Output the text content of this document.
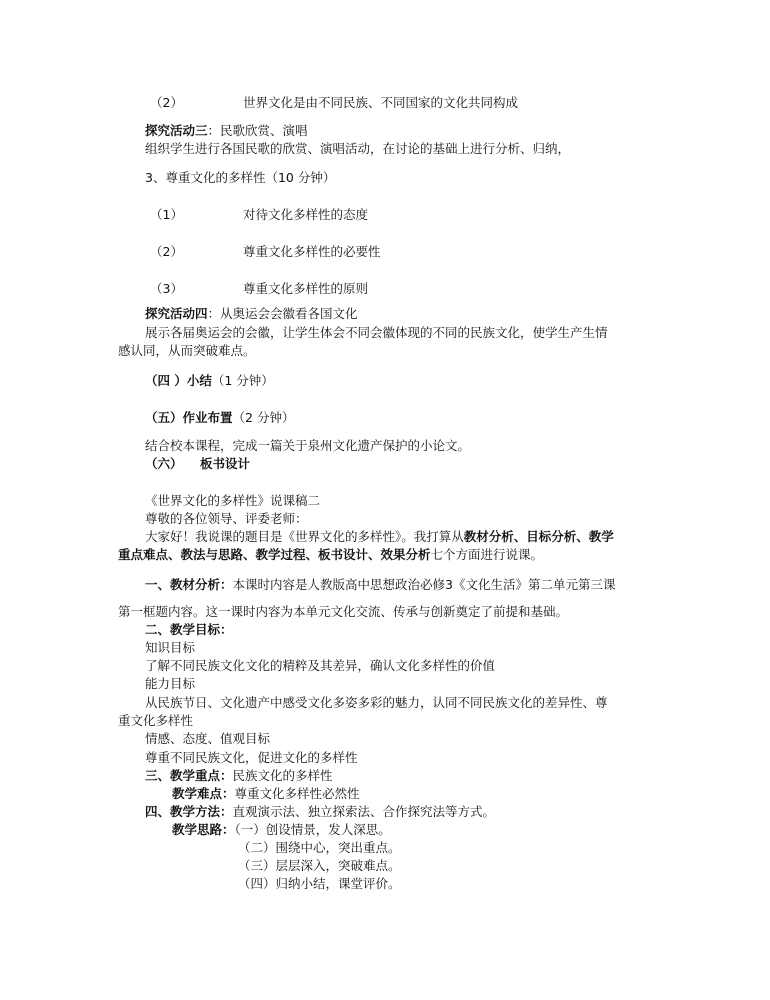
（2）	世界文化是由不同民族、不同国家的文化共同构成
探究活动三：民歌欣赏、演唱
组织学生进行各国民歌的欣赏、演唱活动，在讨论的基础上进行分析、归纳，
3、尊重文化的多样性（10 分钟）
（1）	对待文化多样性的态度
（2）	尊重文化多样性的必要性
（3）	尊重文化多样性的原则
探究活动四：从奥运会会徽看各国文化
展示各届奥运会的会徽，让学生体会不同会徽体现的不同的民族文化，使学生产生情
感认同，从而突破难点。
（四 ）小结（1 分钟）
（五）作业布置（2 分钟）
结合校本课程，完成一篇关于泉州文化遗产保护的小论文。
（六） 板书设计
《世界文化的多样性》说课稿二
尊敬的各位领导、评委老师：
大家好！我说课的题目是《世界文化的多样性》。我打算从教材分析、目标分析、教学
重点难点、教法与思路、教学过程、板书设计、效果分析七个方面进行说课。
一、教材分析：本课时内容是人教版高中思想政治必修3《文化生活》第二单元第三课
第一框题内容。这一课时内容为本单元文化交流、传承与创新奠定了前提和基础。
二、教学目标：
知识目标
了解不同民族文化文化的精粹及其差异，确认文化多样性的价值
能力目标
从民族节日、文化遗产中感受文化多姿多彩的魅力，认同不同民族文化的差异性、尊
重文化多样性
情感、态度、值观目标
尊重不同民族文化，促进文化的多样性
三、教学重点：民族文化的多样性
教学难点：尊重文化多样性必然性
四、教学方法：直观演示法、独立探索法、合作探究法等方式。
教学思路：（一）创设情景，发人深思。
（二）围绕中心，突出重点。
（三）层层深入，突破难点。
（四）归纳小结，课堂评价。
